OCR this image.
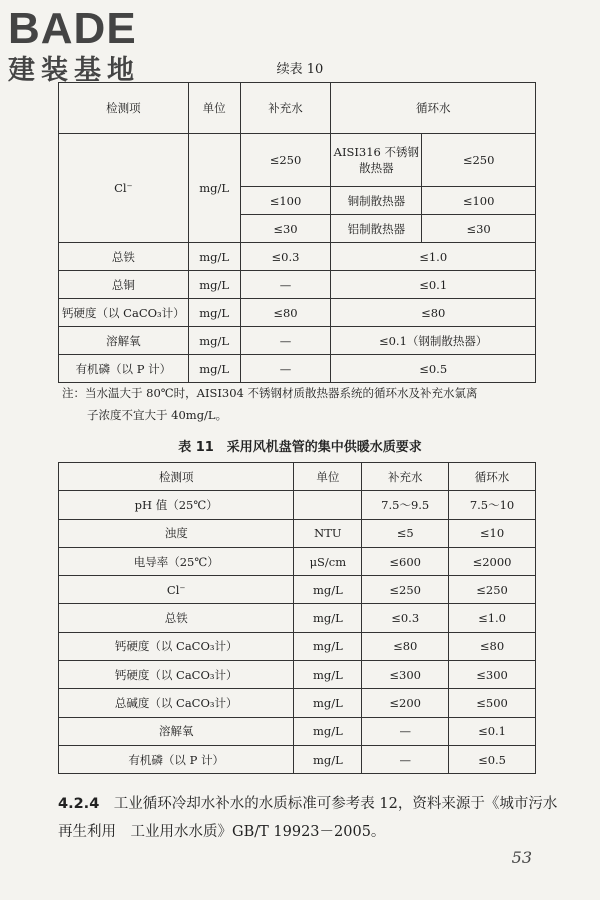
BADE
建装基地	续表 10
检测项	单位	补充水	循环水	
Cl⁻	mg/L	≤250	AISI316 不锈钢散热器	≤250
		≤100	铜制散热器	≤100
		≤30	铝制散热器	≤30
总铁	mg/L	≤0.3	≤1.0	
总铜	mg/L	—	≤0.1	
钙硬度（以 CaCO₃计）	mg/L	≤80	≤80	
溶解氧	mg/L	—	≤0.1（钢制散热器）	
有机磷（以 P 计）	mg/L	—	≤0.5	
注：当水温大于 80℃时，AISI304 不锈钢材质散热器系统的循环水及补充水氯离
子浓度不宜大于 40mg/L。
表 11　采用风机盘管的集中供暖水质要求
检测项	单位	补充水	循环水
pH 值（25℃）		7.5～9.5	7.5～10
浊度	NTU	≤5	≤10
电导率（25℃）	μS/cm	≤600	≤2000
Cl⁻	mg/L	≤250	≤250
总铁	mg/L	≤0.3	≤1.0
钙硬度（以 CaCO₃计）	mg/L	≤80	≤80
钙硬度（以 CaCO₃计）	mg/L	≤300	≤300
总碱度（以 CaCO₃计）	mg/L	≤200	≤500
溶解氧	mg/L	—	≤0.1
有机磷（以 P 计）	mg/L	—	≤0.5
4.2.4　工业循环冷却水补水的水质标准可参考表 12，资料来源于《城市污水再生利用　工业用水水质》GB/T 19923－2005。
53
